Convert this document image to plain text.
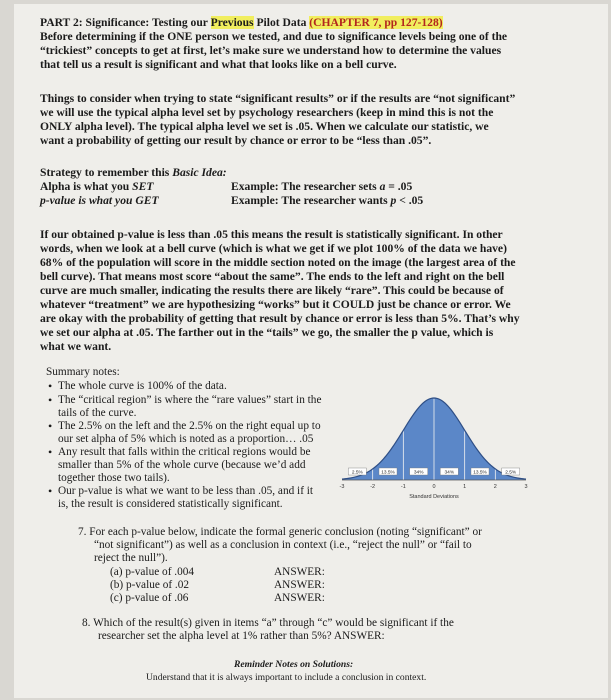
PART 2: Significance: Testing our Previous Pilot Data (CHAPTER 7, pp 127-128)
Before determining if the ONE person we tested, and due to significance levels being one of the
“trickiest” concepts to get at first, let’s make sure we understand how to determine the values
that tell us a result is significant and what that looks like on a bell curve.
Things to consider when trying to state “significant results” or if the results are “not significant”
we will use the typical alpha level set by psychology researchers (keep in mind this is not the
ONLY alpha level). The typical alpha level we set is .05. When we calculate our statistic, we
want a probability of getting our result by chance or error to be “less than .05”.
Strategy to remember this Basic Idea:
Alpha is what you SET	Example: The researcher sets a = .05
p-value is what you GET	Example: The researcher wants p < .05
If our obtained p-value is less than .05 this means the result is statistically significant. In other
words, when we look at a bell curve (which is what we get if we plot 100% of the data we have)
68% of the population will score in the middle section noted on the image (the largest area of the
bell curve). That means most score “about the same”. The ends to the left and right on the bell
curve are much smaller, indicating the results there are likely “rare”. This could be because of
whatever “treatment” we are hypothesizing “works” but it COULD just be chance or error. We
are okay with the probability of getting that result by chance or error is less than 5%. That’s why
we set our alpha at .05. The farther out in the “tails” we go, the smaller the p value, which is
what we want.
Summary notes:
• The whole curve is 100% of the data.
• The “critical region” is where the “rare values” start in the
tails of the curve.
• The 2.5% on the left and the 2.5% on the right equal up to
our set alpha of 5% which is noted as a proportion… .05
• Any result that falls within the critical regions would be
smaller than 5% of the whole curve (because we’d add
together those two tails).
• Our p-value is what we want to be less than .05, and if it
is, the result is considered statistically significant.
2.5%	13.5%	34%	34%	13.5%	2.5%
-3	-2	-1	0	1	2	3
Standard Deviations
7. For each p-value below, indicate the formal generic conclusion (noting “significant” or
“not significant”) as well as a conclusion in context (i.e., “reject the null” or “fail to
reject the null”).
(a) p-value of .004	ANSWER:
(b) p-value of .02	ANSWER:
(c) p-value of .06	ANSWER:
8. Which of the result(s) given in items “a” through “c” would be significant if the
researcher set the alpha level at 1% rather than 5%? ANSWER:
Reminder Notes on Solutions:
Understand that it is always important to include a conclusion in context.
